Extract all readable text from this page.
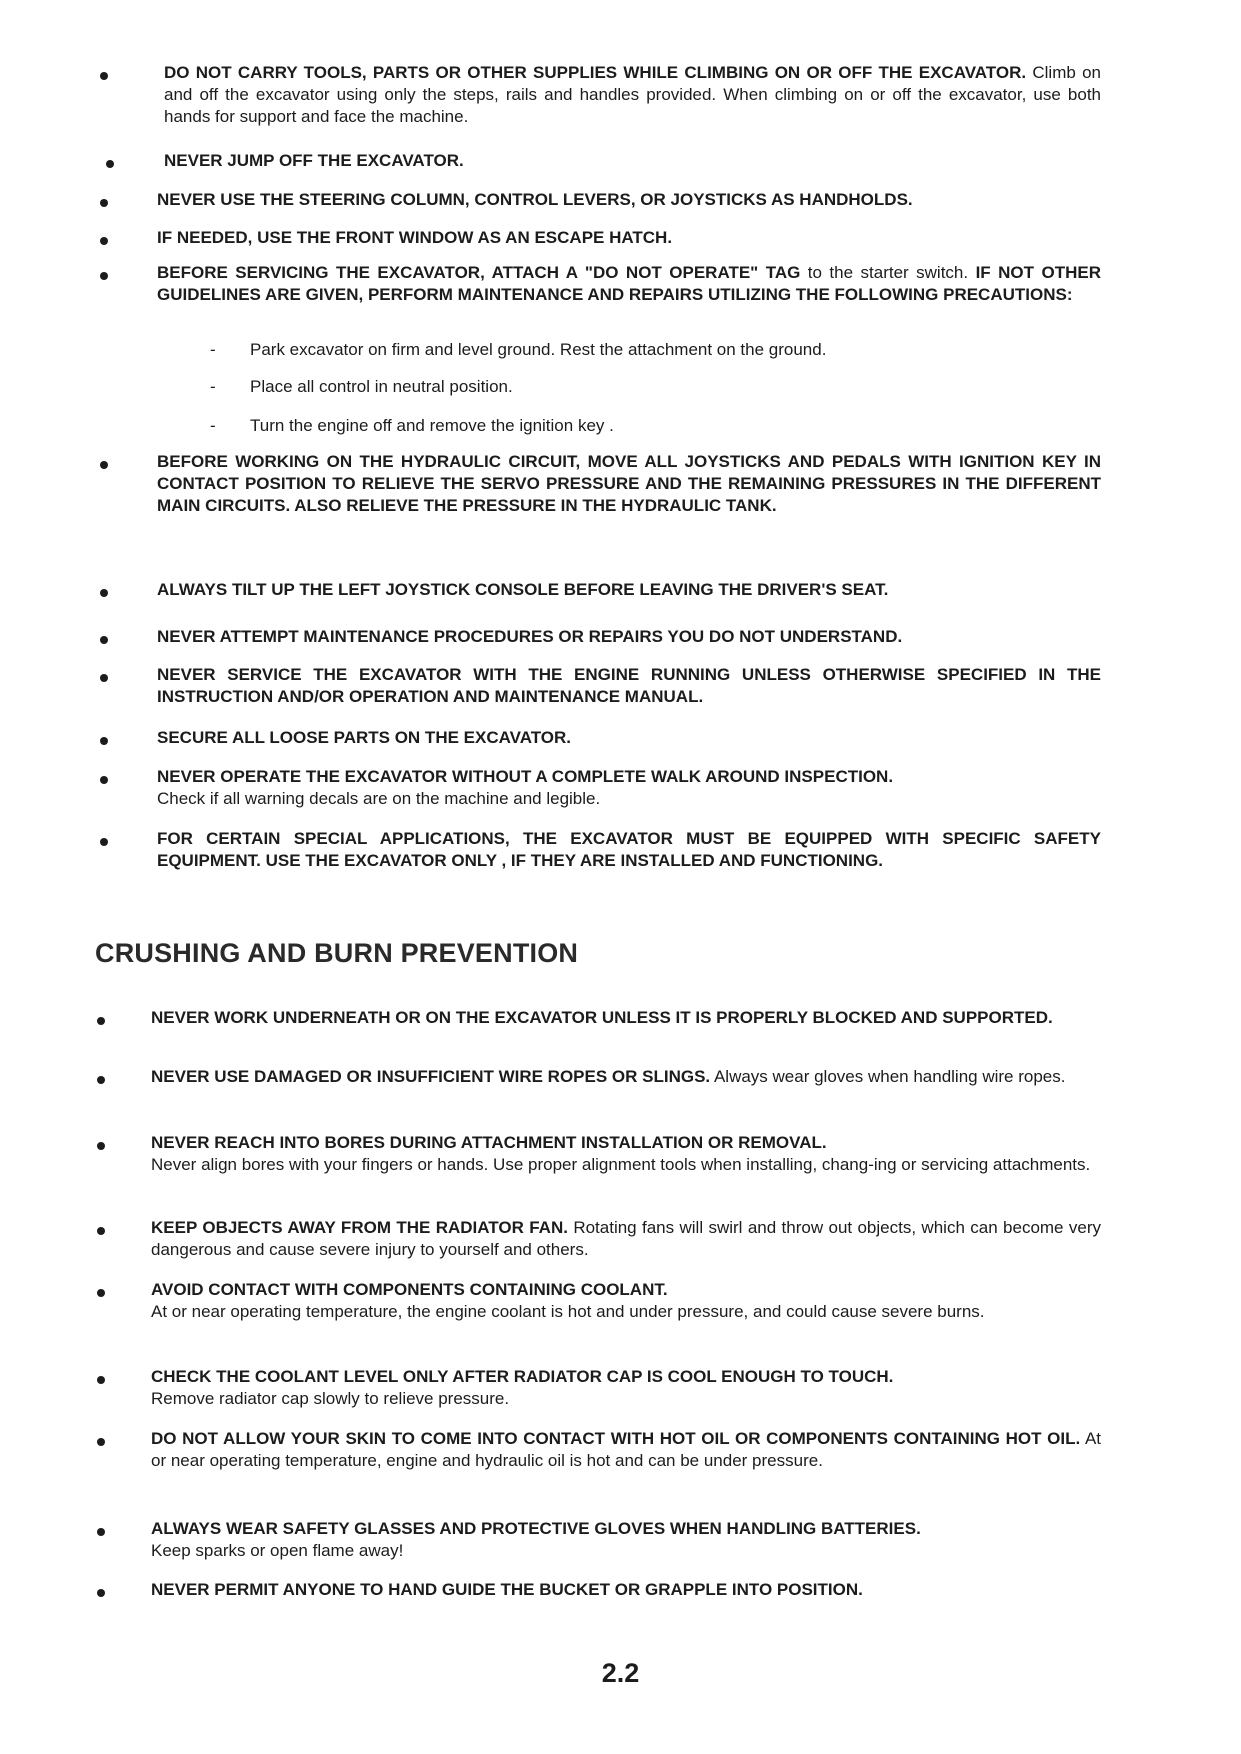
DO NOT CARRY TOOLS, PARTS OR OTHER SUPPLIES WHILE CLIMBING ON OR OFF THE EXCAVATOR. Climb on and off the excavator using only the steps, rails and handles provided. When climbing on or off the excavator, use both hands for support and face the machine.
NEVER JUMP OFF THE EXCAVATOR.
NEVER USE THE STEERING COLUMN, CONTROL LEVERS, OR JOYSTICKS AS HANDHOLDS.
IF NEEDED, USE THE FRONT WINDOW AS AN ESCAPE HATCH.
BEFORE SERVICING THE EXCAVATOR, ATTACH A "DO NOT OPERATE" TAG to the starter switch. IF NOT OTHER GUIDELINES ARE GIVEN, PERFORM MAINTENANCE AND REPAIRS UTILIZING THE FOLLOWING PRECAUTIONS:
- Park excavator on firm and level ground. Rest the attachment on the ground.
- Place all control in neutral position.
- Turn the engine off and remove the ignition key .
BEFORE WORKING ON THE HYDRAULIC CIRCUIT, MOVE ALL JOYSTICKS AND PEDALS WITH IGNITION KEY IN CONTACT POSITION TO RELIEVE THE SERVO PRESSURE AND THE REMAINING PRESSURES IN THE DIFFERENT MAIN CIRCUITS. ALSO RELIEVE THE PRESSURE IN THE HYDRAULIC TANK.
ALWAYS TILT UP THE LEFT JOYSTICK CONSOLE BEFORE LEAVING THE DRIVER'S SEAT.
NEVER ATTEMPT MAINTENANCE PROCEDURES OR REPAIRS YOU DO NOT UNDERSTAND.
NEVER SERVICE THE EXCAVATOR WITH THE ENGINE RUNNING UNLESS OTHERWISE SPECIFIED IN THE INSTRUCTION AND/OR OPERATION AND MAINTENANCE MANUAL.
SECURE ALL LOOSE PARTS ON THE EXCAVATOR.
NEVER OPERATE THE EXCAVATOR WITHOUT A COMPLETE WALK AROUND INSPECTION.
Check if all warning decals are on the machine and legible.
FOR CERTAIN SPECIAL APPLICATIONS, THE EXCAVATOR MUST BE EQUIPPED WITH SPECIFIC SAFETY EQUIPMENT. USE THE EXCAVATOR ONLY , IF THEY ARE INSTALLED AND FUNCTIONING.
CRUSHING AND BURN PREVENTION
NEVER WORK UNDERNEATH OR ON THE EXCAVATOR UNLESS IT IS PROPERLY BLOCKED AND SUPPORTED.
NEVER USE DAMAGED OR INSUFFICIENT WIRE ROPES OR SLINGS. Always wear gloves when handling wire ropes.
NEVER REACH INTO BORES DURING ATTACHMENT INSTALLATION OR REMOVAL.
Never align bores with your fingers or hands. Use proper alignment tools when installing, chang-ing or servicing attachments.
KEEP OBJECTS AWAY FROM THE RADIATOR FAN. Rotating fans will swirl and throw out objects, which can become very dangerous and cause severe injury to yourself and others.
AVOID CONTACT WITH COMPONENTS CONTAINING COOLANT.
At or near operating temperature, the engine coolant is hot and under pressure, and could cause severe burns.
CHECK THE COOLANT LEVEL ONLY AFTER RADIATOR CAP IS COOL ENOUGH TO TOUCH.
Remove radiator cap slowly to relieve pressure.
DO NOT ALLOW YOUR SKIN TO COME INTO CONTACT WITH HOT OIL OR COMPONENTS CONTAINING HOT OIL. At or near operating temperature, engine and hydraulic oil is hot and can be under pressure.
ALWAYS WEAR SAFETY GLASSES AND PROTECTIVE GLOVES WHEN HANDLING BATTERIES.
Keep sparks or open flame away!
NEVER PERMIT ANYONE TO HAND GUIDE THE BUCKET OR GRAPPLE INTO POSITION.
2.2
